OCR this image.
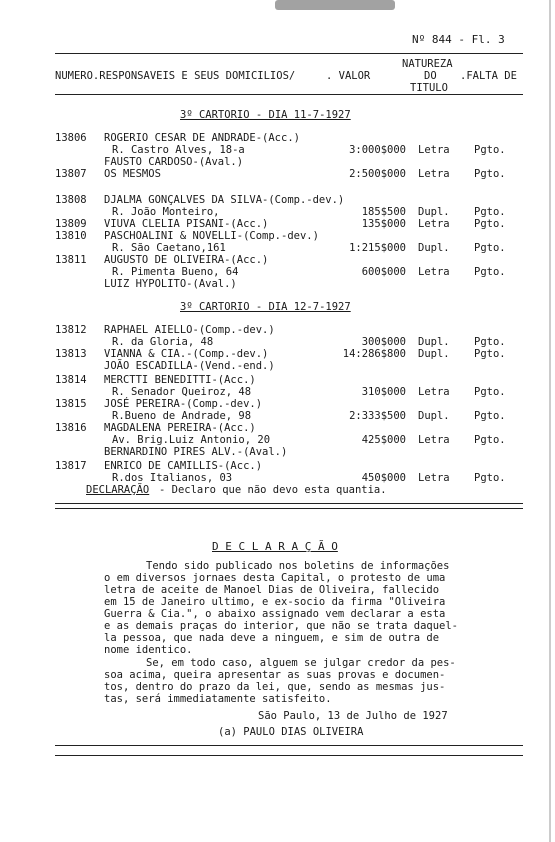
Nº 844 - Fl. 3
NUMERO.RESPONSAVEIS E SEUS DOMICILIOS/	. VALOR
NATUREZA
DO
TITULO
.FALTA DE
3º CARTORIO - DIA 11-7-1927
13806 ROGERIO CESAR DE ANDRADE-(Acc.)
R. Castro Alves, 18-a	3:000$000 Letra Pgto.
FAUSTO CARDOSO-(Aval.)
13807 OS MESMOS	2:500$000 Letra Pgto.
13808 DJALMA GONÇALVES DA SILVA-(Comp.-dev.)
R. João Monteiro,	185$500 Dupl. Pgto.
13809 VIUVA CLELIA PISANI-(Acc.)	135$000 Letra Pgto.
13810 PASCHOALINI & NOVELLI-(Comp.-dev.)
R. São Caetano,161	1:215$000 Dupl. Pgto.
13811 AUGUSTO DE OLIVEIRA-(Acc.)
R. Pimenta Bueno, 64	600$000 Letra Pgto.
LUIZ HYPOLITO-(Aval.)
3º CARTORIO - DIA 12-7-1927
13812 RAPHAEL AIELLO-(Comp.-dev.)
R. da Gloria, 48	300$000 Dupl. Pgto.
13813 VIANNA & CIA.-(Comp.-dev.)	14:286$800 Dupl. Pgto.
JOÃO ESCADILLA-(Vend.-end.)
13814 MERCTTI BENEDITTI-(Acc.)
R. Senador Queiroz, 48	310$000 Letra Pgto.
13815 JOSÉ PEREIRA-(Comp.-dev.)
R.Bueno de Andrade, 98	2:333$500 Dupl. Pgto.
13816 MAGDALENA PEREIRA-(Acc.)
Av. Brig.Luiz Antonio, 20	425$000 Letra Pgto.
BERNARDINO PIRES ALV.-(Aval.)
13817 ENRICO DE CAMILLIS-(Acc.)
R.dos Italianos, 03	450$000 Letra Pgto.
DECLARAÇÃO - Declaro que não devo esta quantia.
D E C L A R A Ç Ã O
Tendo sido publicado nos boletins de informações
o em diversos jornaes desta Capital, o protesto de uma
letra de aceite de Manoel Dias de Oliveira, fallecido
em 15 de Janeiro ultimo, e ex-socio da firma "Oliveira
Guerra & Cia.", o abaixo assignado vem declarar a esta
e as demais praças do interior, que não se trata daquel-
la pessoa, que nada deve a ninguem, e sim de outra de
nome identico.
Se, em todo caso, alguem se julgar credor da pes-
soa acima, queira apresentar as suas provas e documen-
tos, dentro do prazo da lei, que, sendo as mesmas jus-
tas, será immediatamente satisfeito.
São Paulo, 13 de Julho de 1927
(a) PAULO DIAS OLIVEIRA
